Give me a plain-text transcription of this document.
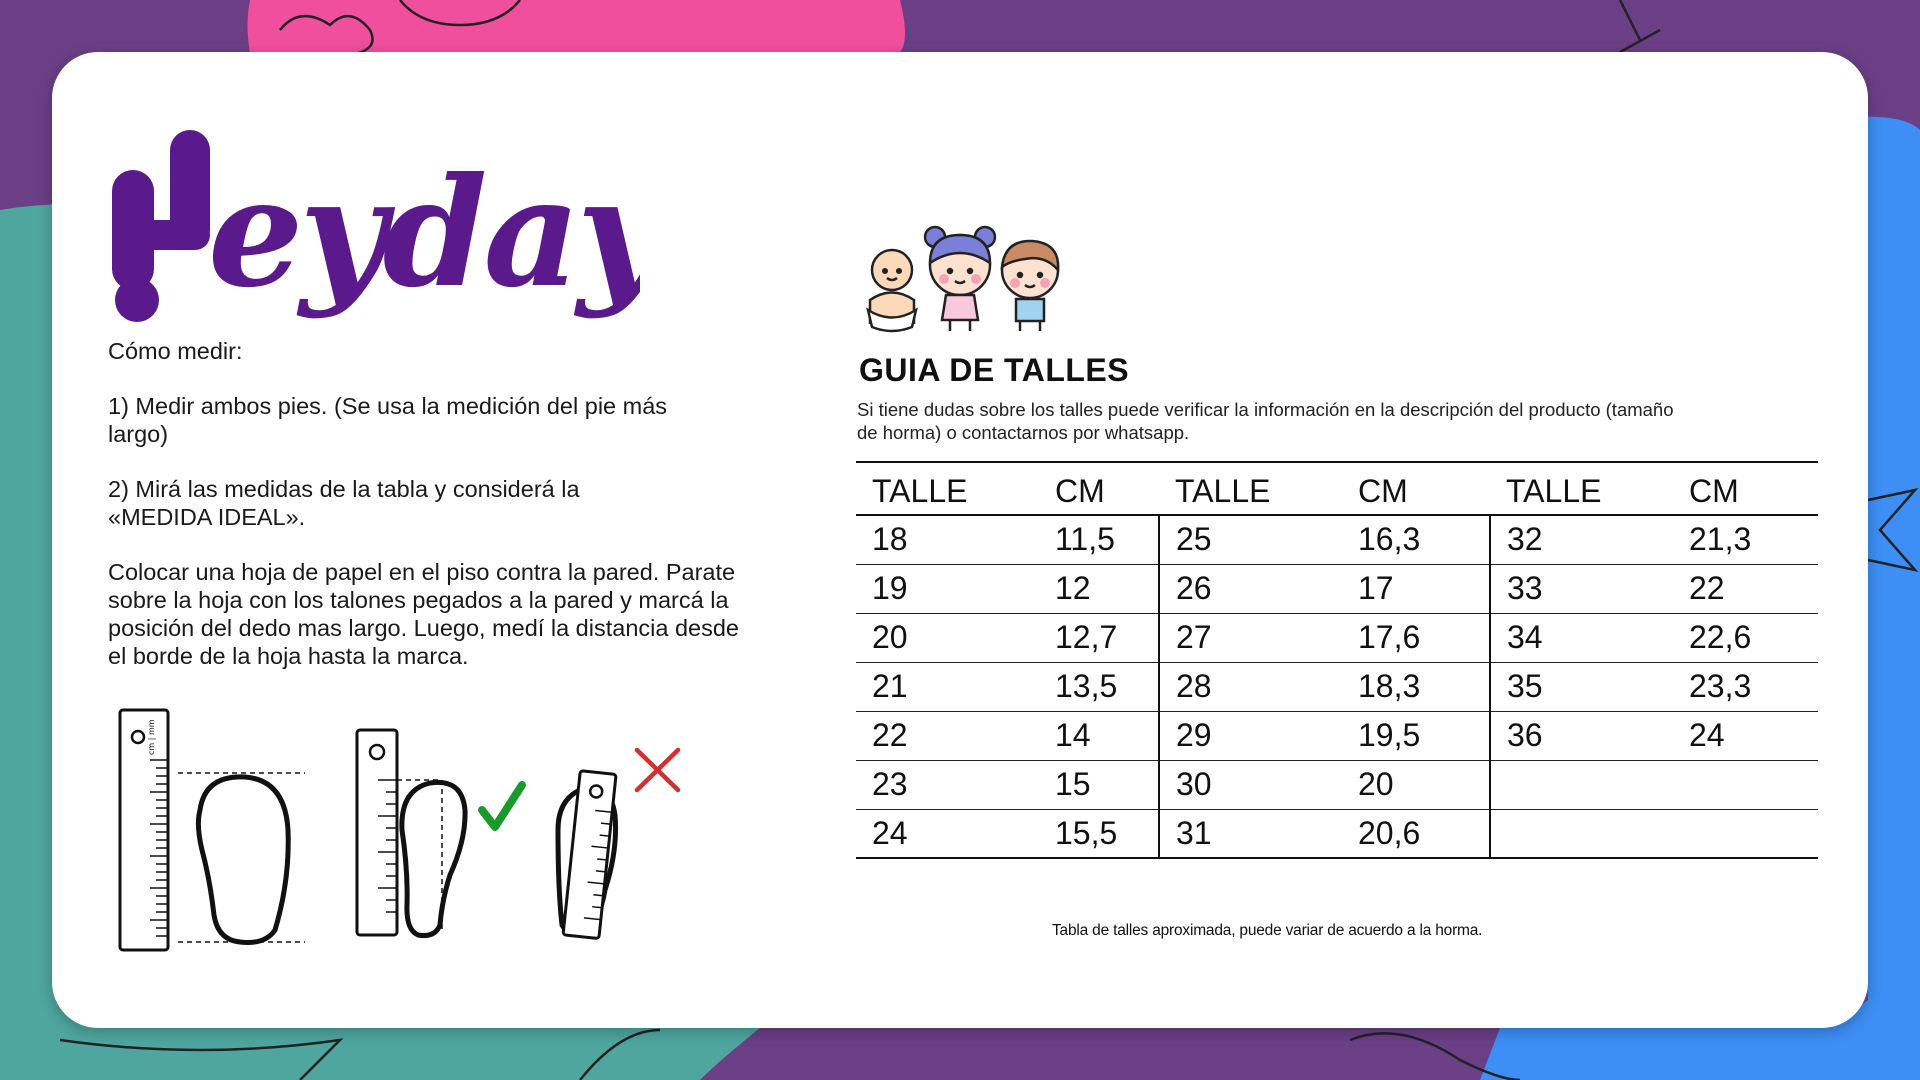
eyday

Cómo medir:

1) Medir ambos pies. (Se usa la medición del pie más largo)

2) Mirá las medidas de la tabla y considerá la «MEDIDA IDEAL».

Colocar una hoja de papel en el piso contra la pared. Parate sobre la hoja con los talones pegados a la pared y marcá la posición del dedo mas largo. Luego, medí la distancia desde el borde de la hoja hasta la marca.

cm | mm
GUIA DE TALLES
Si tiene dudas sobre los talles puede verificar la información en la descripción del producto (tamaño de horma) o contactarnos por whatsapp.
TALLE	CM	TALLE	CM	TALLE	CM
18	11,5	25	16,3	32	21,3
19	12	26	17	33	22
20	12,7	27	17,6	34	22,6
21	13,5	28	18,3	35	23,3
22	14	29	19,5	36	24
23	15	30	20		
24	15,5	31	20,6		
Tabla de talles aproximada, puede variar de acuerdo a la horma.
